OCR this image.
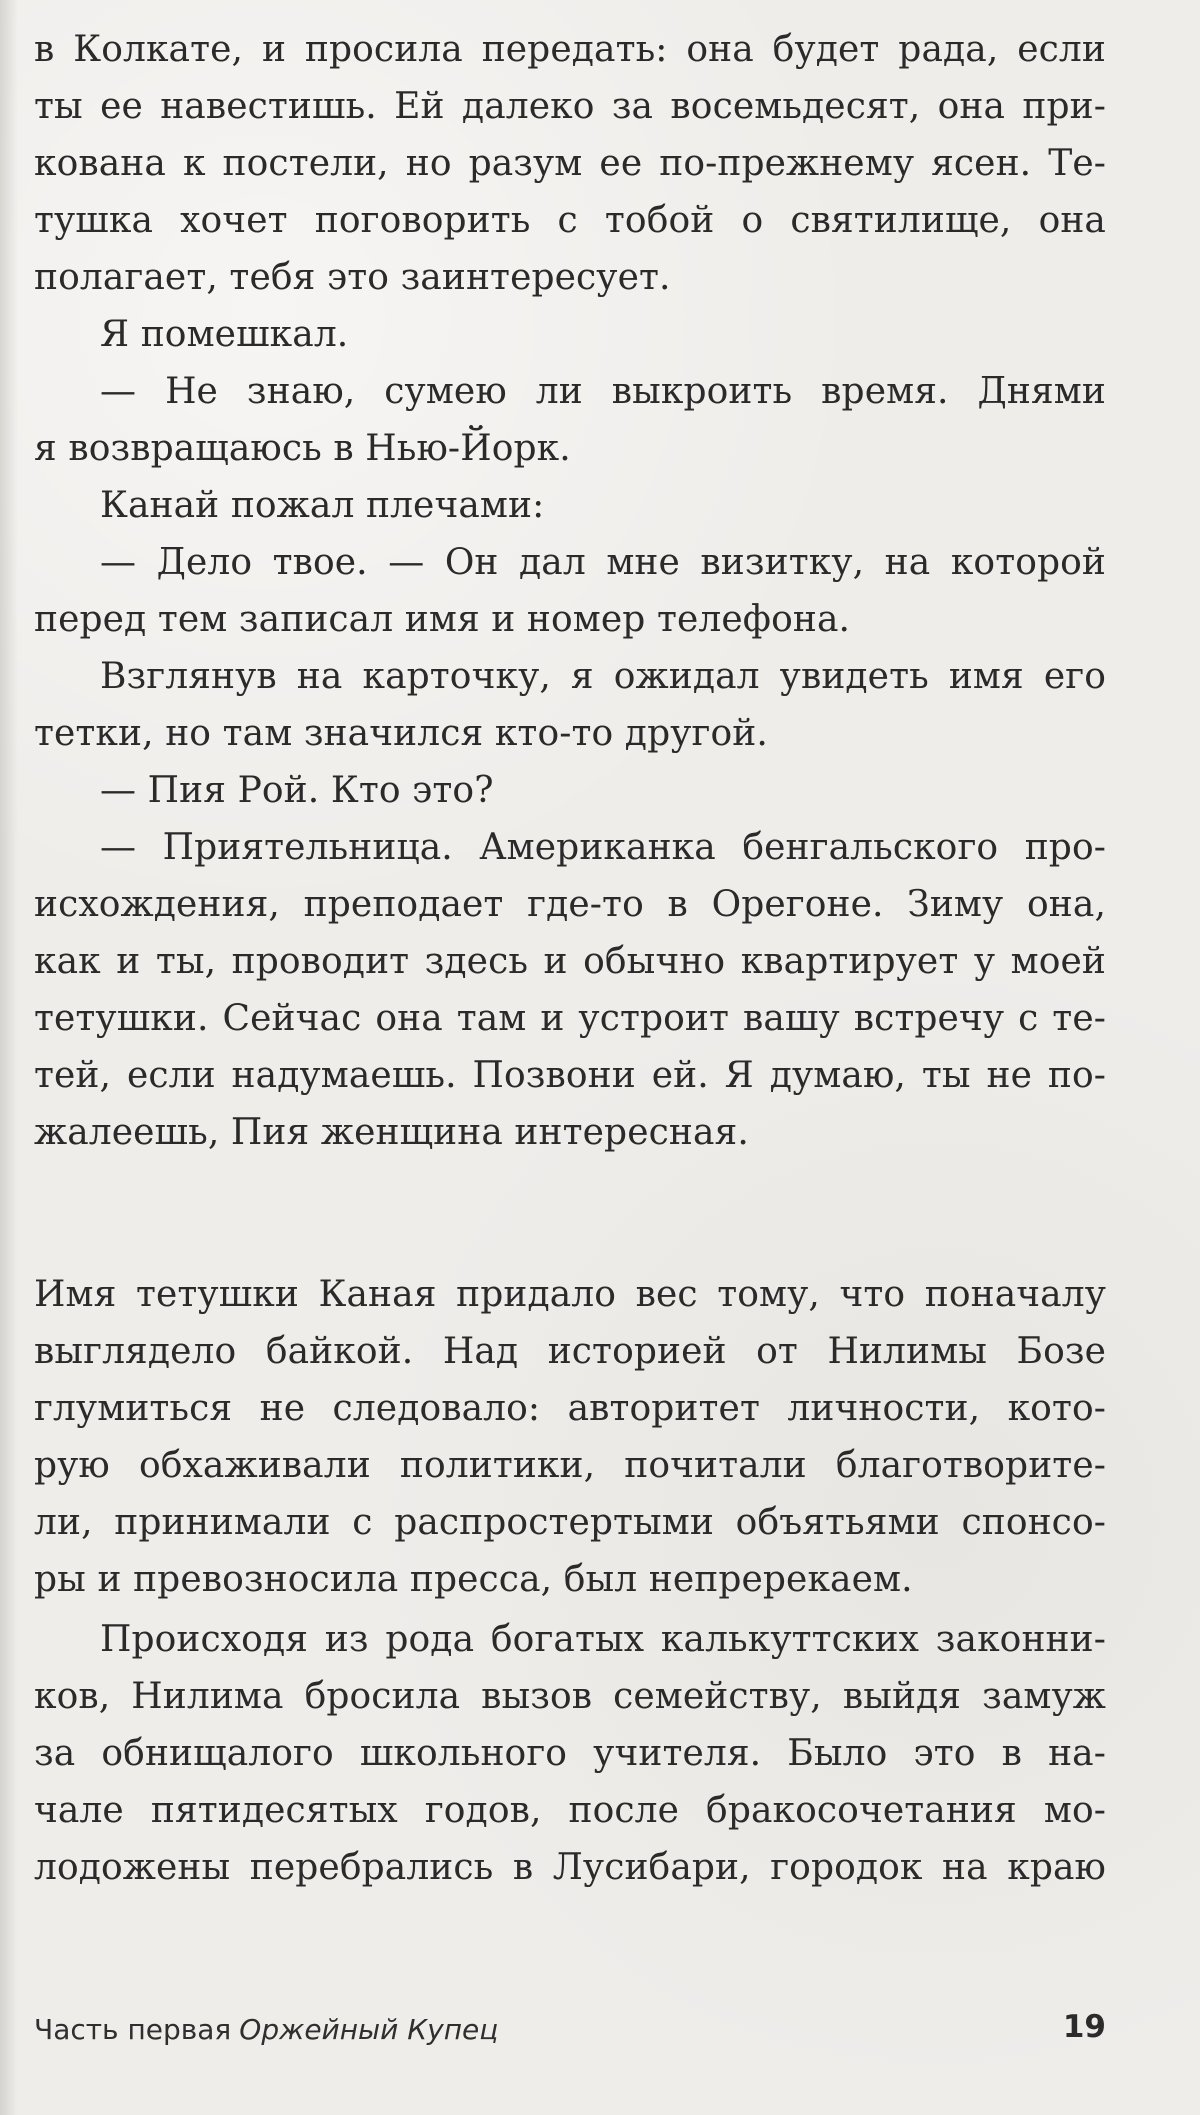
в Колкате, и просила передать: она будет рада, если
ты ее навестишь. Ей далеко за восемьдесят, она при-
кована к постели, но разум ее по-прежнему ясен. Те-
тушка хочет поговорить с тобой о святилище, она
полагает, тебя это заинтересует.
Я помешкал.
— Не знаю, сумею ли выкроить время. Днями
я возвращаюсь в Нью-Йорк.
Канай пожал плечами:
— Дело твое. — Он дал мне визитку, на которой
перед тем записал имя и номер телефона.
Взглянув на карточку, я ожидал увидеть имя его
тетки, но там значился кто-то другой.
— Пия Рой. Кто это?
— Приятельница. Американка бенгальского про-
исхождения, преподает где-то в Орегоне. Зиму она,
как и ты, проводит здесь и обычно квартирует у моей
тетушки. Сейчас она там и устроит вашу встречу с те-
тей, если надумаешь. Позвони ей. Я думаю, ты не по-
жалеешь, Пия женщина интересная.
Имя тетушки Каная придало вес тому, что поначалу
выглядело байкой. Над историей от Нилимы Бозе
глумиться не следовало: авторитет личности, кото-
рую обхаживали политики, почитали благотворите-
ли, принимали с распростертыми объятьями спонсо-
ры и превозносила пресса, был непререкаем.
Происходя из рода богатых калькуттских законни-
ков, Нилима бросила вызов семейству, выйдя замуж
за обнищалого школьного учителя. Было это в на-
чале пятидесятых годов, после бракосочетания мо-
лодожены перебрались в Лусибари, городок на краю
Часть первая Оржейный Купец	19
